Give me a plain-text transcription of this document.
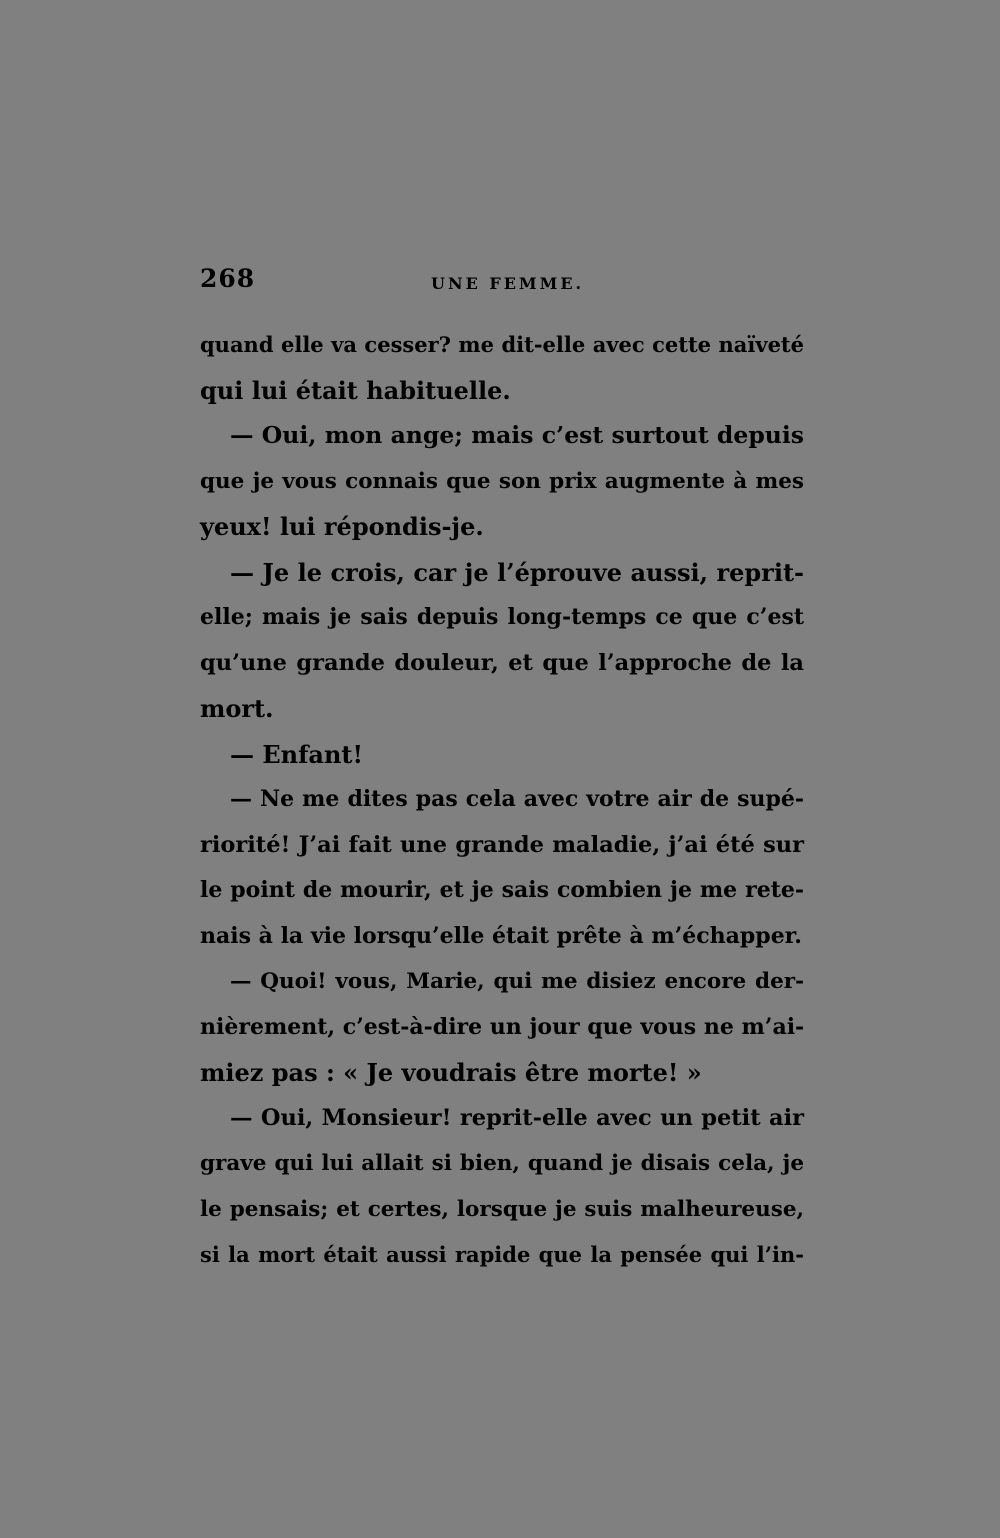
268	UNE FEMME.
quand elle va cesser? me dit-elle avec cette naïveté
qui lui était habituelle.
— Oui, mon ange; mais c’est surtout depuis
que je vous connais que son prix augmente à mes
yeux! lui répondis-je.
— Je le crois, car je l’éprouve aussi, reprit-
elle; mais je sais depuis long-temps ce que c’est
qu’une grande douleur, et que l’approche de la
mort.
— Enfant!
— Ne me dites pas cela avec votre air de supé-
riorité! J’ai fait une grande maladie, j’ai été sur
le point de mourir, et je sais combien je me rete-
nais à la vie lorsqu’elle était prête à m’échapper.
— Quoi! vous, Marie, qui me disiez encore der-
nièrement, c’est-à-dire un jour que vous ne m’ai-
miez pas : « Je voudrais être morte! »
— Oui, Monsieur! reprit-elle avec un petit air
grave qui lui allait si bien, quand je disais cela, je
le pensais; et certes, lorsque je suis malheureuse,
si la mort était aussi rapide que la pensée qui l’in-
